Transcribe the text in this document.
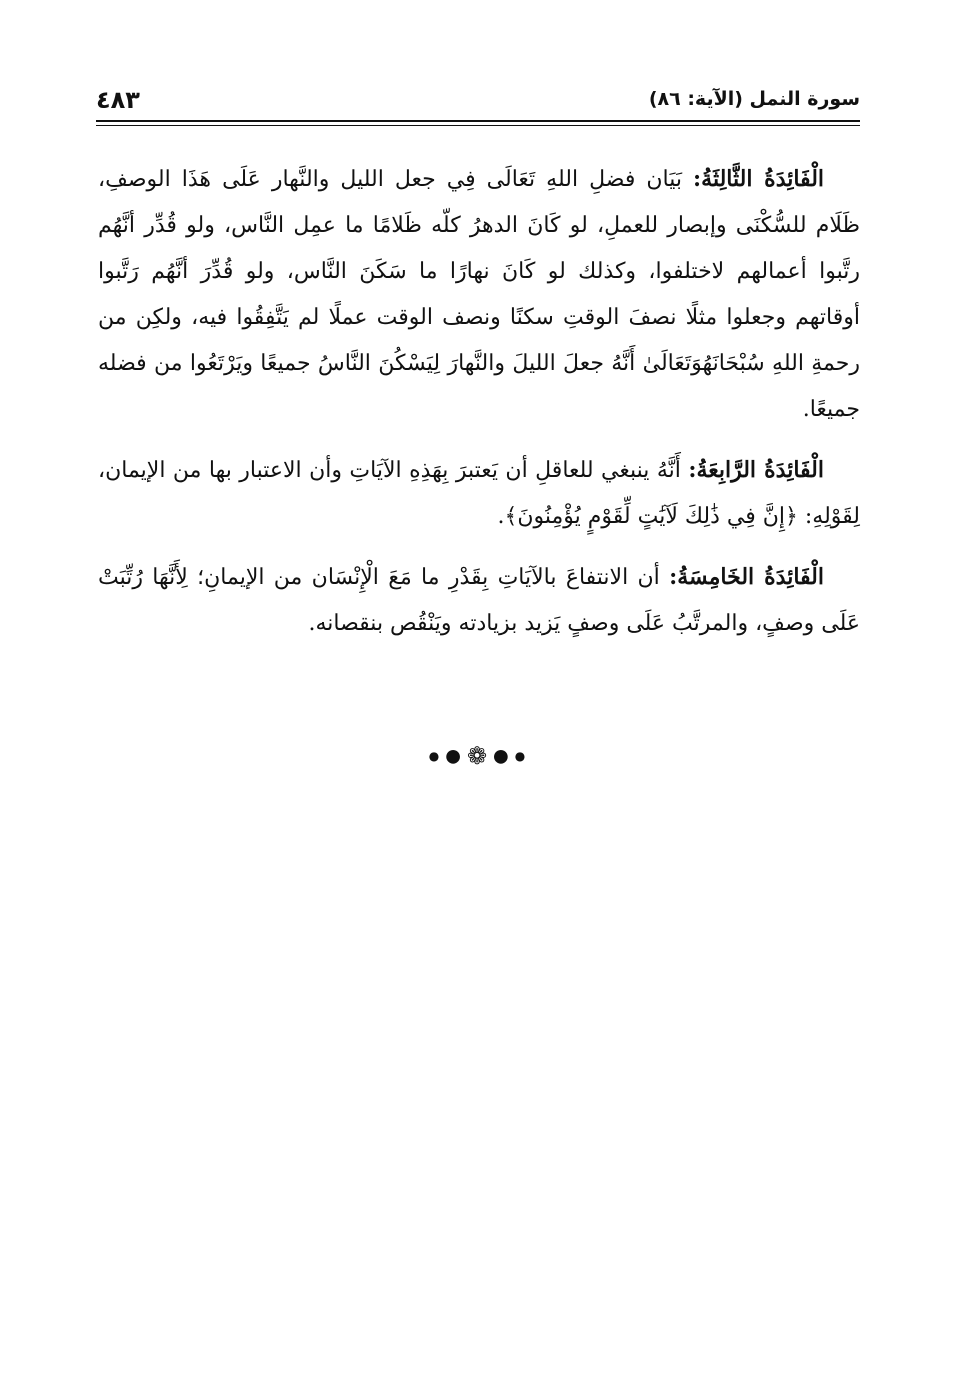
٤٨٣	سورة النمل (الآية: ٨٦)

الْفَائِدَةُ الثَّالِثَةُ: بَيَان فضلِ اللهِ تَعَالَى فِي جعل الليل والنَّهار عَلَى هَذَا الوصفِ، ظَلَام للسُّكْنَى وإبصار للعملِ، لو كَانَ الدهرُ كلّه ظَلامًا ما عمِل النَّاس، ولو قُدِّر أنَّهُم رتَّبوا أعمالهم لاختلفوا، وكذلك لو كَانَ نهارًا ما سَكَنَ النَّاس، ولو قُدِّرَ أنَّهُم رَتَّبوا أوقاتهم وجعلوا مثلًا نصفَ الوقتِ سكنًا ونصف الوقت عملًا لم يَتَّفِقُوا فيه، ولكِن من رحمةِ اللهِ سُبْحَانَهُوَتَعَالَىٰ أَنَّهُ جعلَ الليلَ والنَّهارَ لِيَسْكُنَ النَّاسُ جميعًا ويَرْتَعُوا من فضله جميعًا.

الْفَائِدَةُ الرَّابِعَةُ: أَنَّهُ ينبغي للعاقلِ أن يَعتبرَ بِهَذِهِ الآيَاتِ وأن الاعتبار بها من الإيمان، لِقَوْلِهِ: ﴿إِنَّ فِي ذَٰلِكَ لَآيَٰتٍ لِّقَوْمٍ يُؤْمِنُونَ﴾.

الْفَائِدَةُ الخَامِسَةُ: أن الانتفاعَ بالآيَاتِ بِقَدْرِ ما مَعَ الْإِنْسَان من الإيمانِ؛ لِأَنَّهَا رُتِّبَتْ عَلَى وصفٍ، والمرتَّبُ عَلَى وصفٍ يَزيد بزيادته ويَنْقُص بنقصانه.

●●❁●●
